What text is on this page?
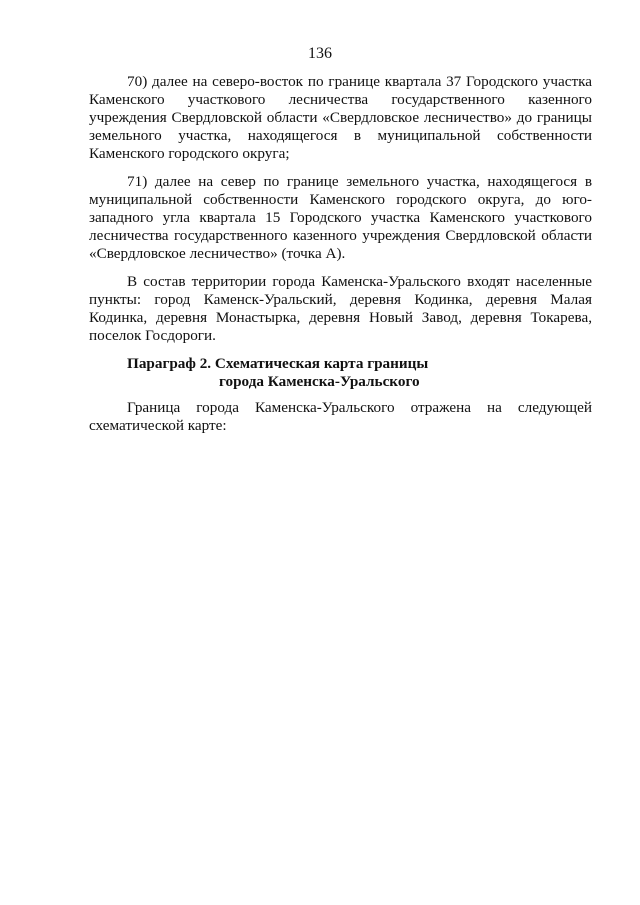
136

70) далее на северо-восток по границе квартала 37 Городского участка Каменского участкового лесничества государственного казенного учреждения Свердловской области «Свердловское лесничество» до границы земельного участка, находящегося в муниципальной собственности Каменского городского округа;

71) далее на север по границе земельного участка, находящегося в муниципальной собственности Каменского городского округа, до юго-западного угла квартала 15 Городского участка Каменского участкового лесничества государственного казенного учреждения Свердловской области «Свердловское лесничество» (точка А).

В состав территории города Каменска-Уральского входят населенные пункты: город Каменск-Уральский, деревня Кодинка, деревня Малая Кодинка, деревня Монастырка, деревня Новый Завод, деревня Токарева, поселок Госдороги.

Параграф 2. Схематическая карта границы
города Каменска-Уральского

Граница города Каменска-Уральского отражена на следующей схематической карте:
